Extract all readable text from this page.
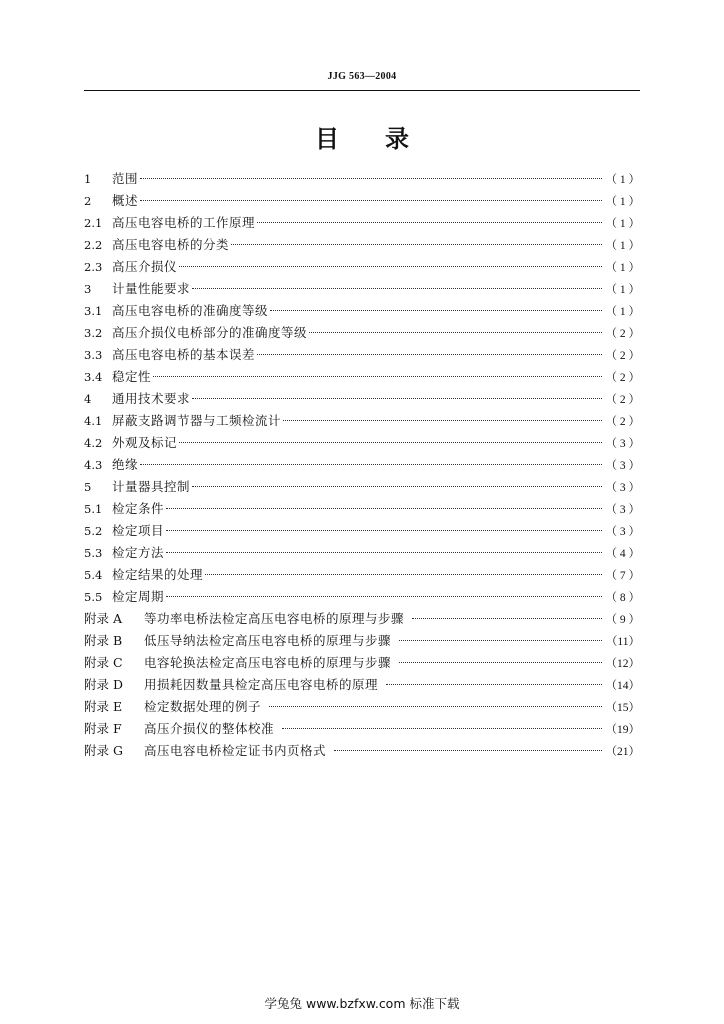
JJG 563—2004
目 录
1	范围	（ 1 ）
2	概述	（ 1 ）
2.1 高压电容电桥的工作原理	（ 1 ）
2.2 高压电容电桥的分类	（ 1 ）
2.3 高压介损仪	（ 1 ）
3	计量性能要求	（ 1 ）
3.1 高压电容电桥的准确度等级	（ 1 ）
3.2 高压介损仪电桥部分的准确度等级	（ 2 ）
3.3 高压电容电桥的基本误差	（ 2 ）
3.4 稳定性	（ 2 ）
4	通用技术要求	（ 2 ）
4.1 屏蔽支路调节器与工频检流计	（ 2 ）
4.2 外观及标记	（ 3 ）
4.3 绝缘	（ 3 ）
5	计量器具控制	（ 3 ）
5.1 检定条件	（ 3 ）
5.2 检定项目	（ 3 ）
5.3 检定方法	（ 4 ）
5.4 检定结果的处理	（ 7 ）
5.5 检定周期	（ 8 ）
附录 A	等功率电桥法检定高压电容电桥的原理与步骤	（ 9 ）
附录 B	低压导纳法检定高压电容电桥的原理与步骤	（11）
附录 C	电容轮换法检定高压电容电桥的原理与步骤	（12）
附录 D	用损耗因数量具检定高压电容电桥的原理	（14）
附录 E	检定数据处理的例子	（15）
附录 F	高压介损仪的整体校准	（19）
附录 G	高压电容电桥检定证书内页格式	（21）
学兔兔 www.bzfxw.com 标准下载
